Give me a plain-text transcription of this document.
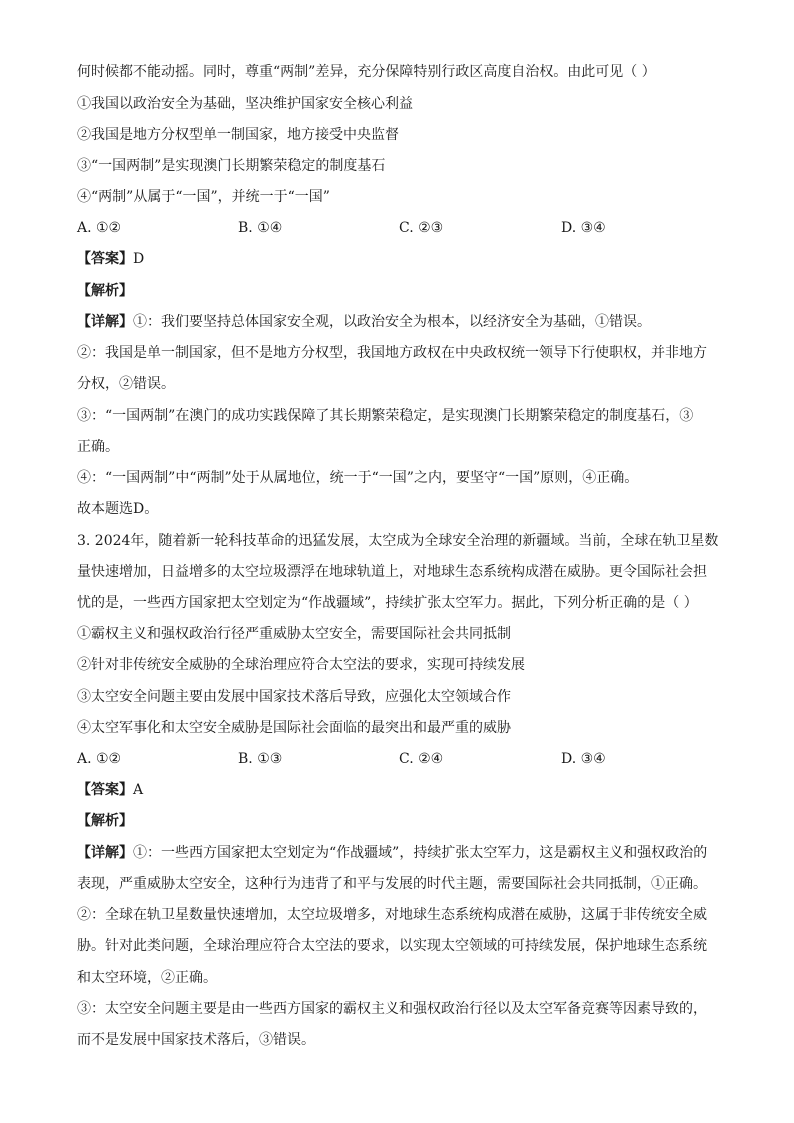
何时候都不能动摇。同时，尊重“两制”差异，充分保障特别行政区高度自治权。由此可见（ ）
①我国以政治安全为基础，坚决维护国家安全核心利益
②我国是地方分权型单一制国家，地方接受中央监督
③“一国两制”是实现澳门长期繁荣稳定的制度基石
④“两制”从属于“一国”，并统一于“一国”
A. ①②	B. ①④	C. ②③	D. ③④
【答案】D
【解析】
【详解】①：我们要坚持总体国家安全观，以政治安全为根本，以经济安全为基础，①错误。
②：我国是单一制国家，但不是地方分权型，我国地方政权在中央政权统一领导下行使职权，并非地方
分权，②错误。
③：“一国两制”在澳门的成功实践保障了其长期繁荣稳定，是实现澳门长期繁荣稳定的制度基石，③
正确。
④：“一国两制”中“两制”处于从属地位，统一于“一国”之内，要坚守“一国”原则，④正确。
故本题选D。
3. 2024年，随着新一轮科技革命的迅猛发展，太空成为全球安全治理的新疆域。当前，全球在轨卫星数
量快速增加，日益增多的太空垃圾漂浮在地球轨道上，对地球生态系统构成潜在威胁。更令国际社会担
忧的是，一些西方国家把太空划定为“作战疆域”，持续扩张太空军力。据此，下列分析正确的是（ ）
①霸权主义和强权政治行径严重威胁太空安全，需要国际社会共同抵制
②针对非传统安全威胁的全球治理应符合太空法的要求，实现可持续发展
③太空安全问题主要由发展中国家技术落后导致，应强化太空领域合作
④太空军事化和太空安全威胁是国际社会面临的最突出和最严重的威胁
A. ①②	B. ①③	C. ②④	D. ③④
【答案】A
【解析】
【详解】①：一些西方国家把太空划定为“作战疆域”，持续扩张太空军力，这是霸权主义和强权政治的
表现，严重威胁太空安全，这种行为违背了和平与发展的时代主题，需要国际社会共同抵制，①正确。
②：全球在轨卫星数量快速增加，太空垃圾增多，对地球生态系统构成潜在威胁，这属于非传统安全威
胁。针对此类问题，全球治理应符合太空法的要求，以实现太空领域的可持续发展，保护地球生态系统
和太空环境，②正确。
③：太空安全问题主要是由一些西方国家的霸权主义和强权政治行径以及太空军备竞赛等因素导致的，
而不是发展中国家技术落后，③错误。
